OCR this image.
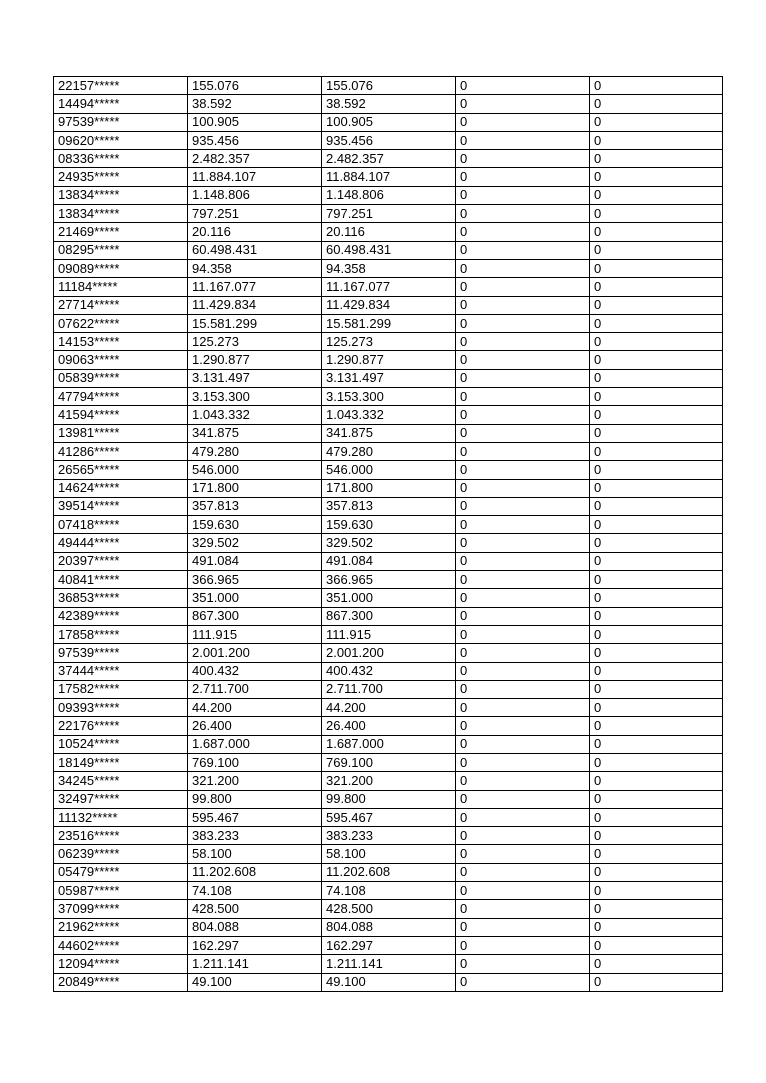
22157*****	155.076	155.076	0	0
14494*****	38.592	38.592	0	0
97539*****	100.905	100.905	0	0
09620*****	935.456	935.456	0	0
08336*****	2.482.357	2.482.357	0	0
24935*****	11.884.107	11.884.107	0	0
13834*****	1.148.806	1.148.806	0	0
13834*****	797.251	797.251	0	0
21469*****	20.116	20.116	0	0
08295*****	60.498.431	60.498.431	0	0
09089*****	94.358	94.358	0	0
11184*****	11.167.077	11.167.077	0	0
27714*****	11.429.834	11.429.834	0	0
07622*****	15.581.299	15.581.299	0	0
14153*****	125.273	125.273	0	0
09063*****	1.290.877	1.290.877	0	0
05839*****	3.131.497	3.131.497	0	0
47794*****	3.153.300	3.153.300	0	0
41594*****	1.043.332	1.043.332	0	0
13981*****	341.875	341.875	0	0
41286*****	479.280	479.280	0	0
26565*****	546.000	546.000	0	0
14624*****	171.800	171.800	0	0
39514*****	357.813	357.813	0	0
07418*****	159.630	159.630	0	0
49444*****	329.502	329.502	0	0
20397*****	491.084	491.084	0	0
40841*****	366.965	366.965	0	0
36853*****	351.000	351.000	0	0
42389*****	867.300	867.300	0	0
17858*****	111.915	111.915	0	0
97539*****	2.001.200	2.001.200	0	0
37444*****	400.432	400.432	0	0
17582*****	2.711.700	2.711.700	0	0
09393*****	44.200	44.200	0	0
22176*****	26.400	26.400	0	0
10524*****	1.687.000	1.687.000	0	0
18149*****	769.100	769.100	0	0
34245*****	321.200	321.200	0	0
32497*****	99.800	99.800	0	0
11132*****	595.467	595.467	0	0
23516*****	383.233	383.233	0	0
06239*****	58.100	58.100	0	0
05479*****	11.202.608	11.202.608	0	0
05987*****	74.108	74.108	0	0
37099*****	428.500	428.500	0	0
21962*****	804.088	804.088	0	0
44602*****	162.297	162.297	0	0
12094*****	1.211.141	1.211.141	0	0
20849*****	49.100	49.100	0	0
